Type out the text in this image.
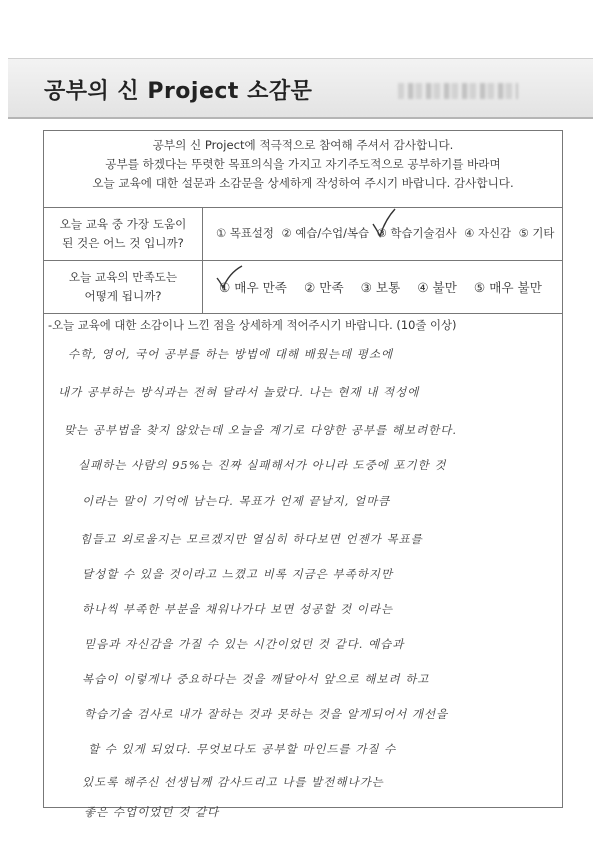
공부의 신 Project 소감문
공부의 신 Project에 적극적으로 참여해 주셔서 감사합니다.
공부를 하겠다는 뚜렷한 목표의식을 가지고 자기주도적으로 공부하기를 바라며
오늘 교육에 대한 설문과 소감문을 상세하게 작성하여 주시기 바랍니다. 감사합니다.
오늘 교육 중 가장 도움이
된 것은 어느 것 입니까?
① 목표설정 ② 예습/수업/복습 ③ 학습기술검사 ④ 자신감 ⑤ 기타
오늘 교육의 만족도는
어떻게 됩니까?
① 매우 만족 ② 만족 ③ 보통 ④ 불만 ⑤ 매우 불만
-오늘 교육에 대한 소감이나 느낀 점을 상세하게 적어주시기 바랍니다. (10줄 이상)
수학, 영어, 국어 공부를 하는 방법에 대해 배웠는데 평소에
내가 공부하는 방식과는 전혀 달라서 놀랐다. 나는 현재 내 적성에
맞는 공부법을 찾지 않았는데 오늘을 계기로 다양한 공부를 해보려한다.
실패하는 사람의 95%는 진짜 실패해서가 아니라 도중에 포기한 것
이라는 말이 기억에 남는다. 목표가 언제 끝날지, 얼마큼
힘들고 외로울지는 모르겠지만 열심히 하다보면 언젠가 목표를
달성할 수 있을 것이라고 느꼈고 비록 지금은 부족하지만
하나씩 부족한 부분을 채워나가다 보면 성공할 것 이라는
믿음과 자신감을 가질 수 있는 시간이었던 것 같다. 예습과
복습이 이렇게나 중요하다는 것을 깨달아서 앞으로 해보려 하고
학습기술 검사로 내가 잘하는 것과 못하는 것을 알게되어서 개선을
할 수 있게 되었다. 무엇보다도 공부할 마인드를 가질 수
있도록 해주신 선생님께 감사드리고 나를 발전해나가는
좋은 수업이었던 것 같다
